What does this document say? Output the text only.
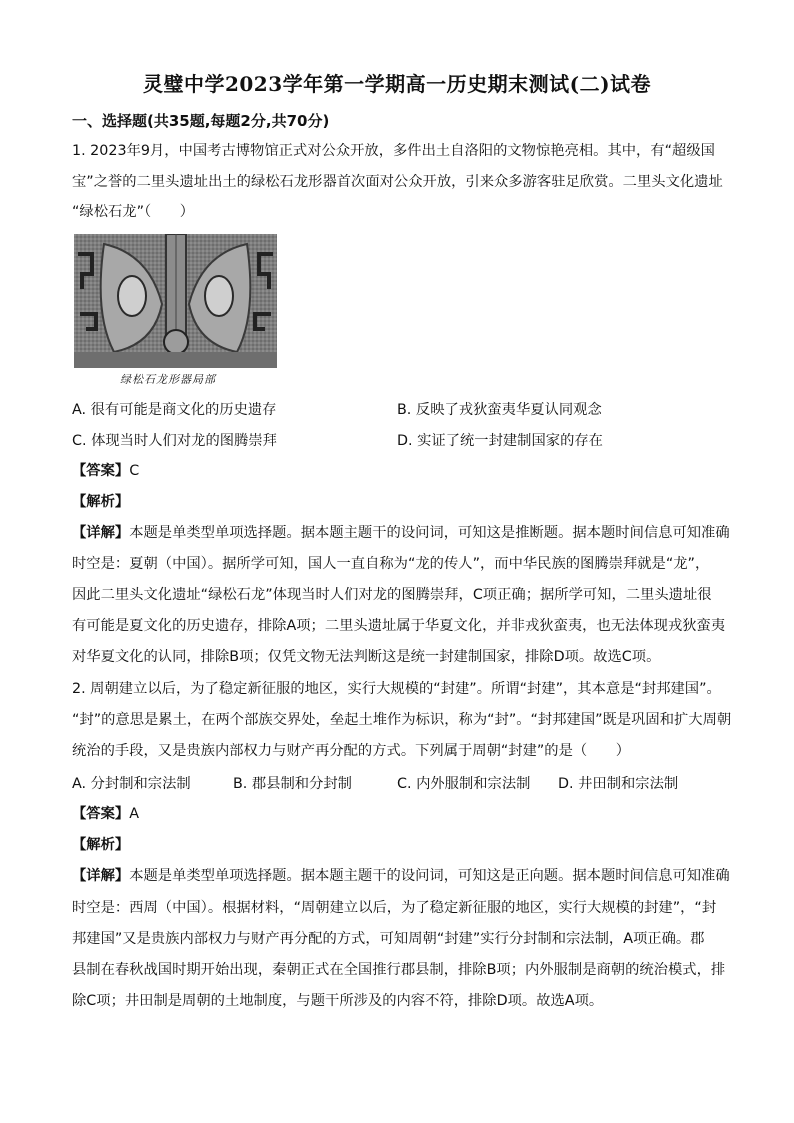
灵璧中学2023学年第一学期高一历史期末测试(二)试卷
一、选择题(共35题,每题2分,共70分)
1. 2023年9月，中国考古博物馆正式对公众开放，多件出土自洛阳的文物惊艳亮相。其中，有“超级国
宝”之誉的二里头遗址出土的绿松石龙形器首次面对公众开放，引来众多游客驻足欣赏。二里头文化遗址
“绿松石龙”（　　）
绿松石龙形器局部
A. 很有可能是商文化的历史遗存	B. 反映了戎狄蛮夷华夏认同观念
C. 体现当时人们对龙的图腾崇拜	D. 实证了统一封建制国家的存在
【答案】C
【解析】
【详解】本题是单类型单项选择题。据本题主题干的设问词，可知这是推断题。据本题时间信息可知准确
时空是：夏朝（中国）。据所学可知，国人一直自称为“龙的传人”，而中华民族的图腾崇拜就是“龙”，
因此二里头文化遗址“绿松石龙”体现当时人们对龙的图腾崇拜，C项正确；据所学可知，二里头遗址很
有可能是夏文化的历史遗存，排除A项；二里头遗址属于华夏文化，并非戎狄蛮夷，也无法体现戎狄蛮夷
对华夏文化的认同，排除B项；仅凭文物无法判断这是统一封建制国家，排除D项。故选C项。
2. 周朝建立以后，为了稳定新征服的地区，实行大规模的“封建”。所谓“封建”，其本意是“封邦建国”。
“封”的意思是累土，在两个部族交界处，垒起土堆作为标识，称为“封”。“封邦建国”既是巩固和扩大周朝
统治的手段，又是贵族内部权力与财产再分配的方式。下列属于周朝“封建”的是（　　）
A. 分封制和宗法制	B. 郡县制和分封制	C. 内外服制和宗法制 D. 井田制和宗法制
【答案】A
【解析】
【详解】本题是单类型单项选择题。据本题主题干的设问词，可知这是正向题。据本题时间信息可知准确
时空是：西周（中国）。根据材料，“周朝建立以后，为了稳定新征服的地区，实行大规模的封建”，“封
邦建国”又是贵族内部权力与财产再分配的方式，可知周朝“封建”实行分封制和宗法制，A项正确。郡
县制在春秋战国时期开始出现，秦朝正式在全国推行郡县制，排除B项；内外服制是商朝的统治模式，排
除C项；井田制是周朝的土地制度，与题干所涉及的内容不符，排除D项。故选A项。
